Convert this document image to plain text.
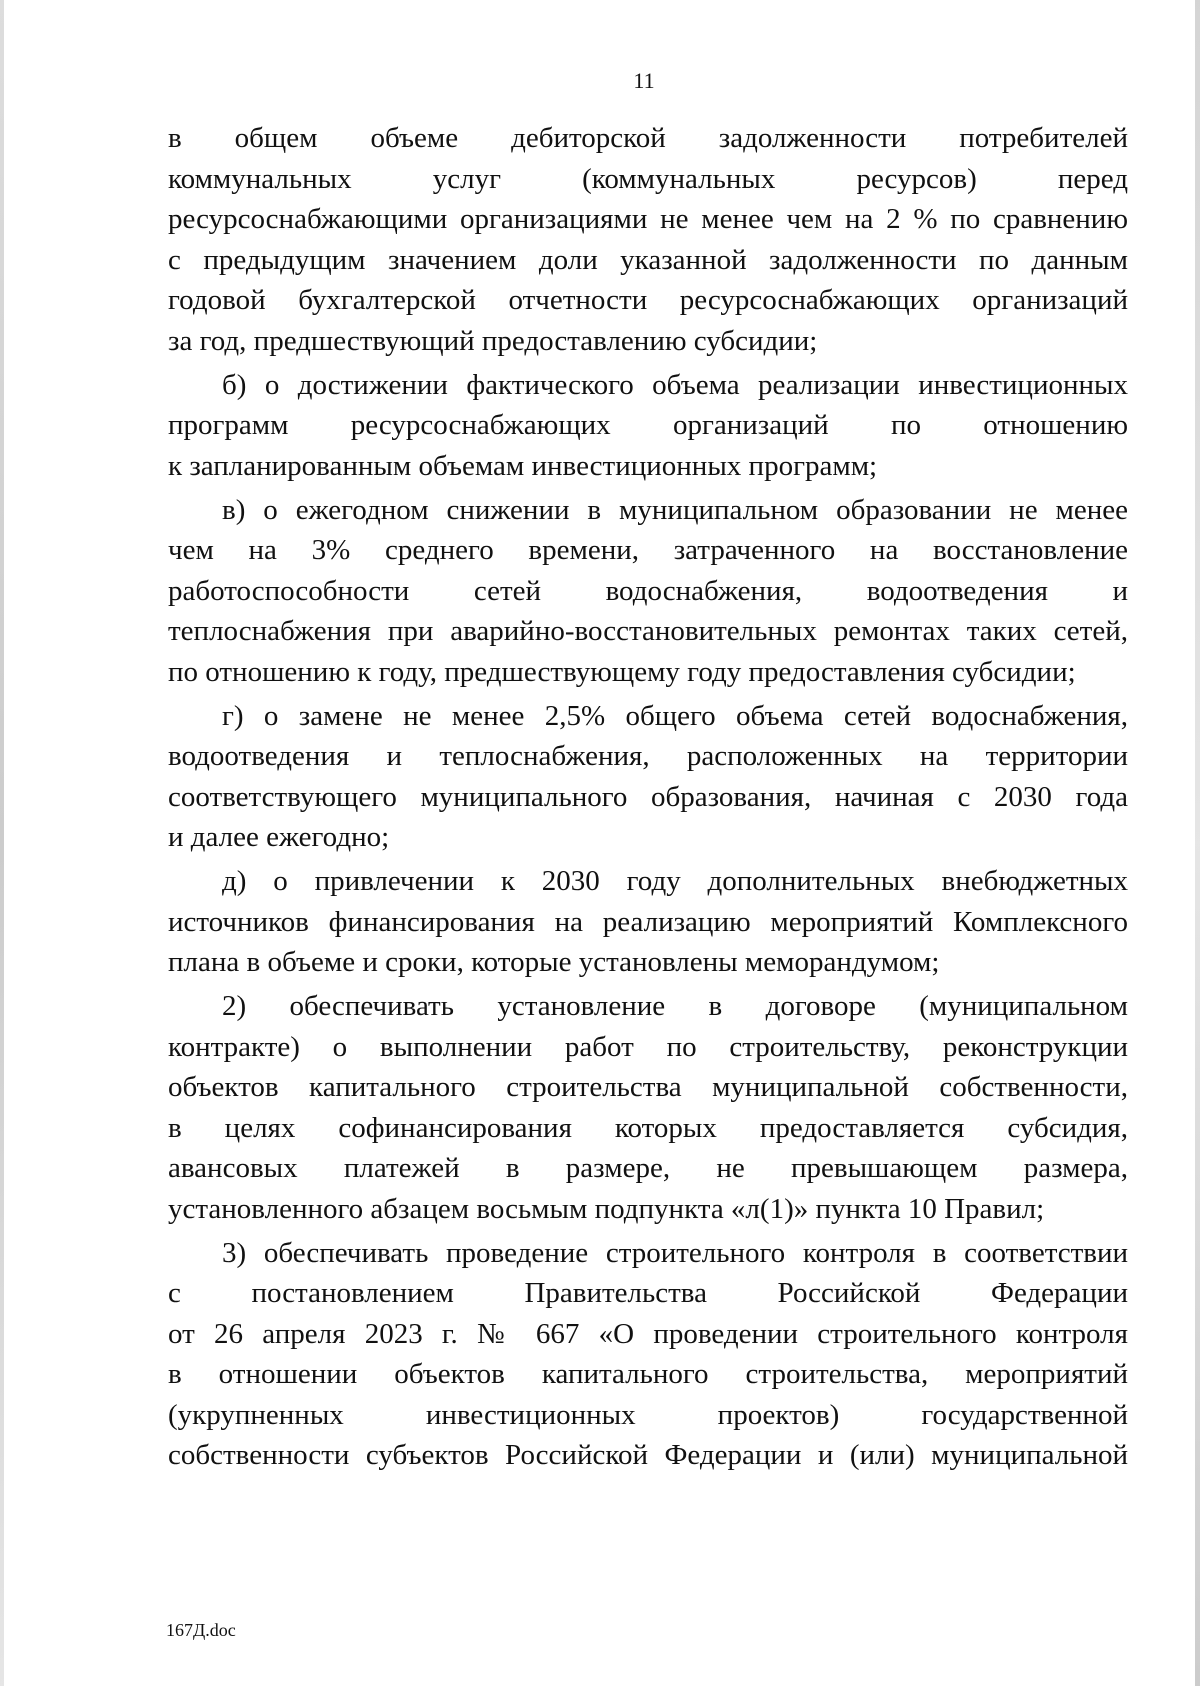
11
в общем объеме дебиторской задолженности потребителей
коммунальных услуг (коммунальных ресурсов) перед
ресурсоснабжающими организациями не менее чем на 2 % по сравнению
с предыдущим значением доли указанной задолженности по данным
годовой бухгалтерской отчетности ресурсоснабжающих организаций
за год, предшествующий предоставлению субсидии;
б) о достижении фактического объема реализации инвестиционных
программ ресурсоснабжающих организаций по отношению
к запланированным объемам инвестиционных программ;
в) о ежегодном снижении в муниципальном образовании не менее
чем на 3% среднего времени, затраченного на восстановление
работоспособности сетей водоснабжения, водоотведения и
теплоснабжения при аварийно-восстановительных ремонтах таких сетей,
по отношению к году, предшествующему году предоставления субсидии;
г) о замене не менее 2,5% общего объема сетей водоснабжения,
водоотведения и теплоснабжения, расположенных на территории
соответствующего муниципального образования, начиная с 2030 года
и далее ежегодно;
д) о привлечении к 2030 году дополнительных внебюджетных
источников финансирования на реализацию мероприятий Комплексного
плана в объеме и сроки, которые установлены меморандумом;
2) обеспечивать установление в договоре (муниципальном
контракте) о выполнении работ по строительству, реконструкции
объектов капитального строительства муниципальной собственности,
в целях софинансирования которых предоставляется субсидия,
авансовых платежей в размере, не превышающем размера,
установленного абзацем восьмым подпункта «л(1)» пункта 10 Правил;
3) обеспечивать проведение строительного контроля в соответствии
с постановлением Правительства Российской Федерации
от 26 апреля 2023 г. № 667 «О проведении строительного контроля
в отношении объектов капитального строительства, мероприятий
(укрупненных инвестиционных проектов) государственной
собственности субъектов Российской Федерации и (или) муниципальной
167Д.doc
